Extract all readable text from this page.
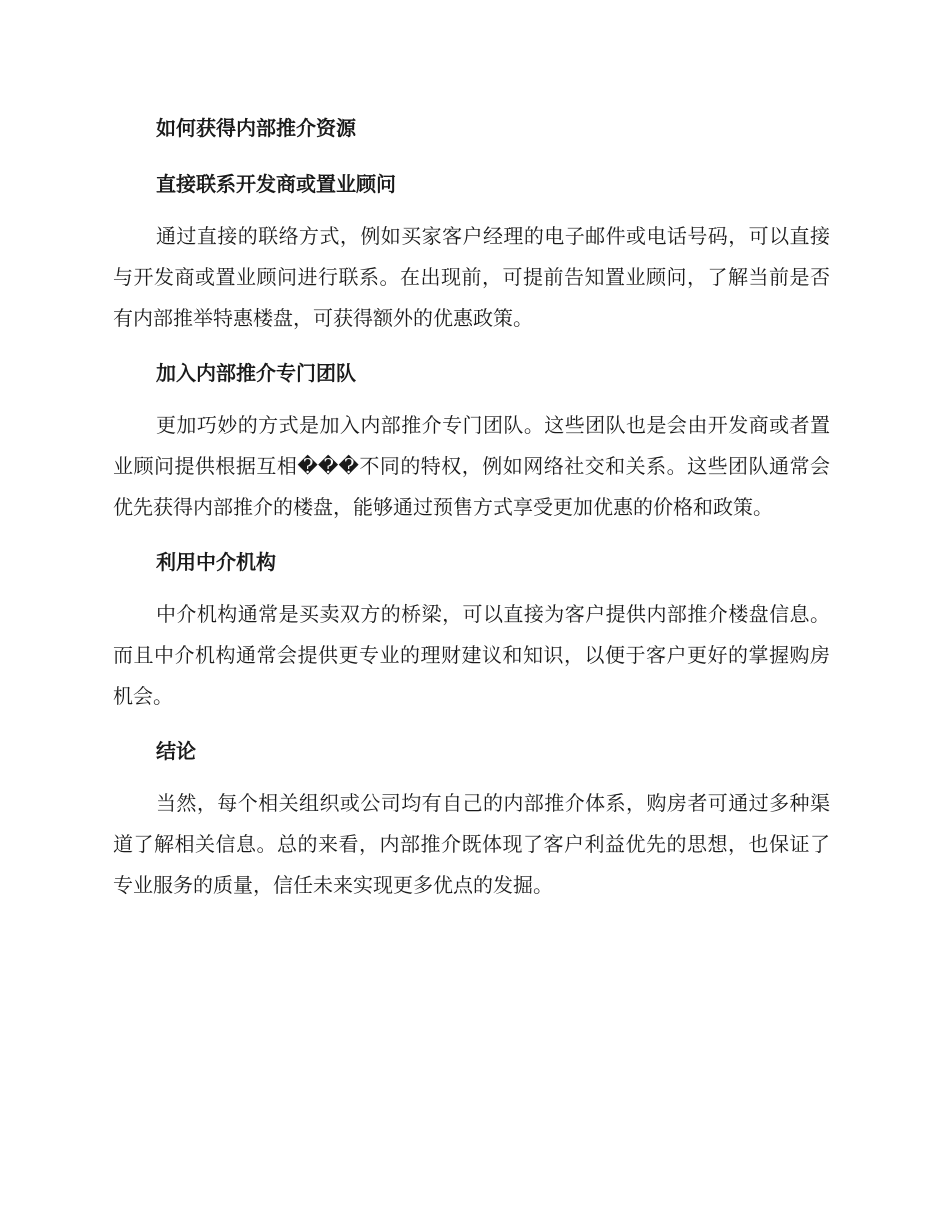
如何获得内部推介资源
直接联系开发商或置业顾问

通过直接的联络方式，例如买家客户经理的电子邮件或电话号码，可以直接与开发商或置业顾问进行联系。在出现前，可提前告知置业顾问，了解当前是否有内部推举特惠楼盘，可获得额外的优惠政策。

加入内部推介专门团队

更加巧妙的方式是加入内部推介专门团队。这些团队也是会由开发商或者置业顾问提供根据互相���不同的特权，例如网络社交和关系。这些团队通常会优先获得内部推介的楼盘，能够通过预售方式享受更加优惠的价格和政策。

利用中介机构

中介机构通常是买卖双方的桥梁，可以直接为客户提供内部推介楼盘信息。而且中介机构通常会提供更专业的理财建议和知识，以便于客户更好的掌握购房机会。

结论

当然，每个相关组织或公司均有自己的内部推介体系，购房者可通过多种渠道了解相关信息。总的来看，内部推介既体现了客户利益优先的思想，也保证了专业服务的质量，信任未来实现更多优点的发掘。
